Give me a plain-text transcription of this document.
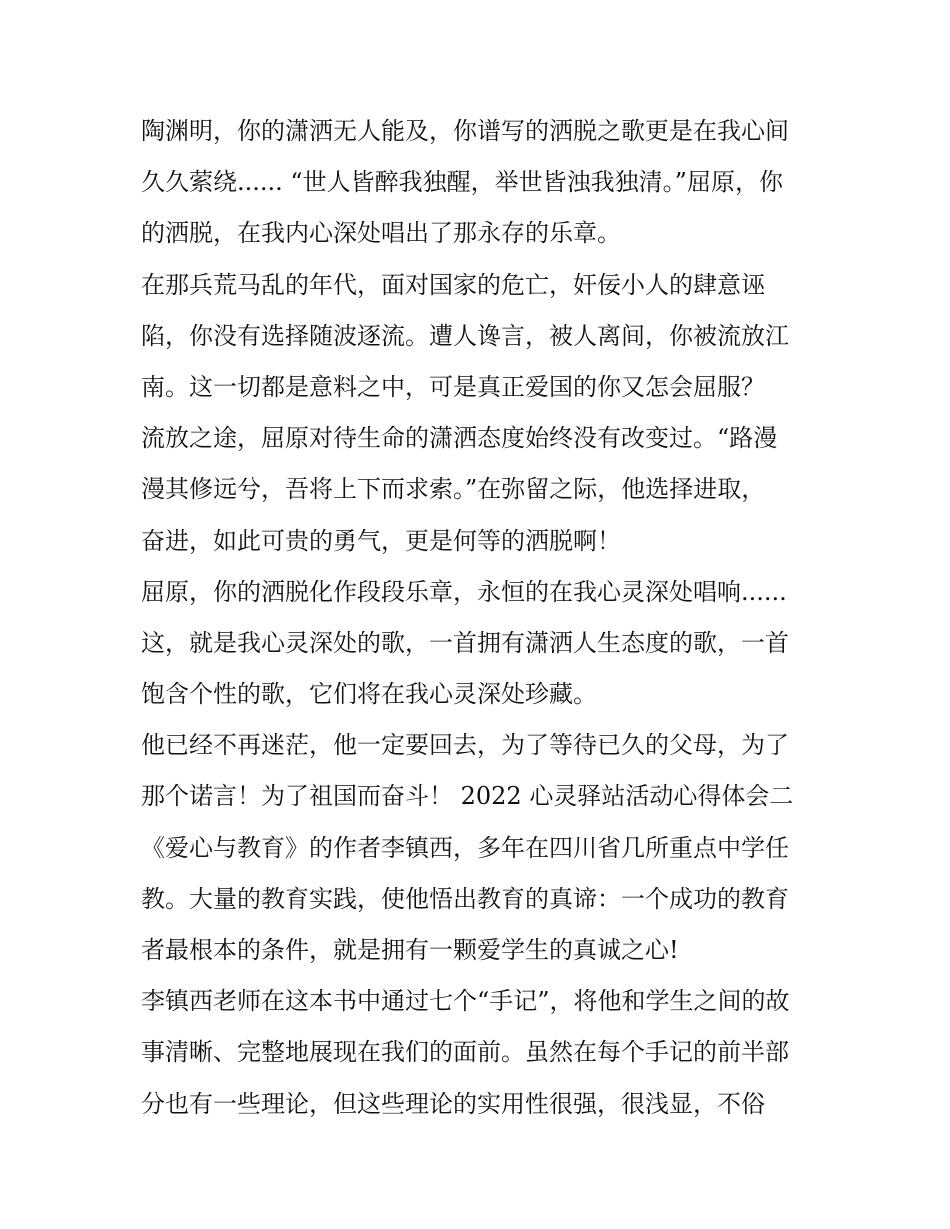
陶渊明，你的潇洒无人能及，你谱写的洒脱之歌更是在我心间
久久萦绕...... “世人皆醉我独醒，举世皆浊我独清。”屈原，你
的洒脱，在我内心深处唱出了那永存的乐章。
在那兵荒马乱的年代，面对国家的危亡，奸佞小人的肆意诬
陷，你没有选择随波逐流。遭人谗言，被人离间，你被流放江
南。这一切都是意料之中，可是真正爱国的你又怎会屈服？
流放之途，屈原对待生命的潇洒态度始终没有改变过。“路漫
漫其修远兮，吾将上下而求索。”在弥留之际，他选择进取，
奋进，如此可贵的勇气，更是何等的洒脱啊！
屈原，你的洒脱化作段段乐章，永恒的在我心灵深处唱响......
这，就是我心灵深处的歌，一首拥有潇洒人生态度的歌，一首
饱含个性的歌，它们将在我心灵深处珍藏。
他已经不再迷茫，他一定要回去，为了等待已久的父母，为了
那个诺言！为了祖国而奋斗！ 2022 心灵驿站活动心得体会二
《爱心与教育》的作者李镇西，多年在四川省几所重点中学任
教。大量的教育实践，使他悟出教育的真谛：一个成功的教育
者最根本的条件，就是拥有一颗爱学生的真诚之心!
李镇西老师在这本书中通过七个“手记”，将他和学生之间的故
事清晰、完整地展现在我们的面前。虽然在每个手记的前半部
分也有一些理论，但这些理论的实用性很强，很浅显，不俗
